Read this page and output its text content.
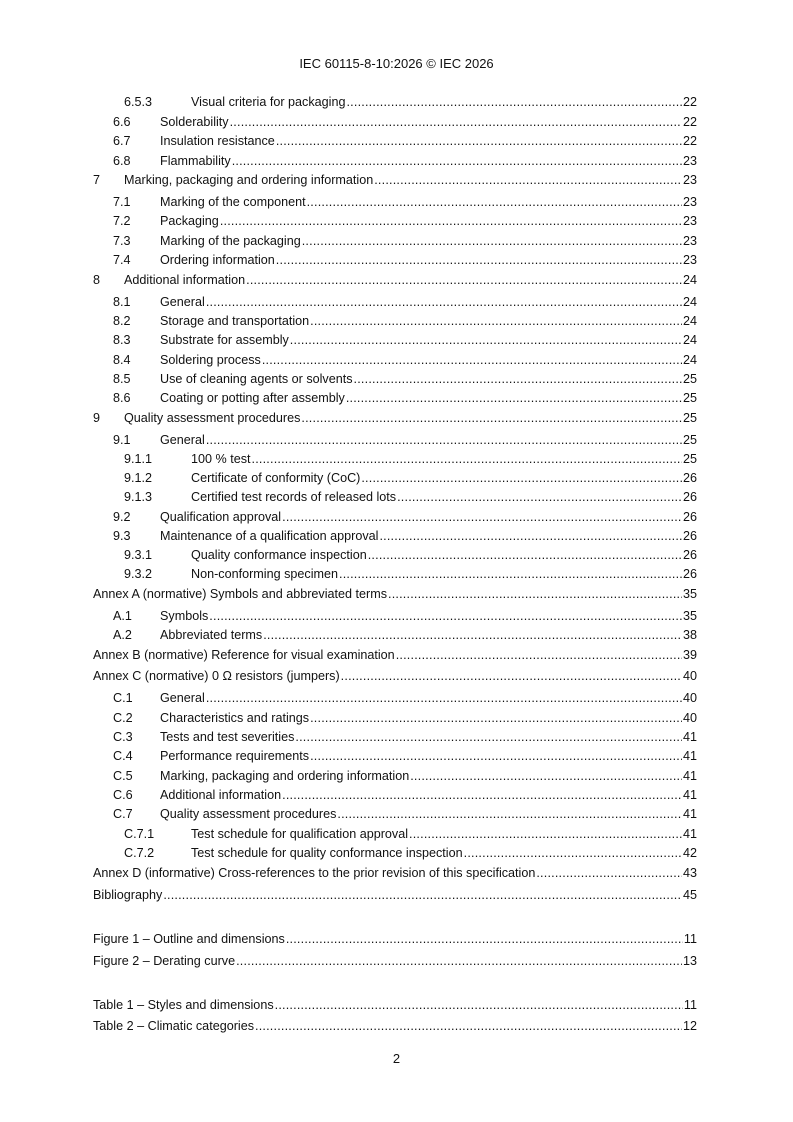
IEC 60115-8-10:2026 © IEC 2026
6.5.3	Visual criteria for packaging .....	22
6.6 Solderability .....	22
6.7 Insulation resistance .....	22
6.8 Flammability .....	23
7 Marking, packaging and ordering information .....	23
7.1 Marking of the component .....	23
7.2 Packaging .....	23
7.3 Marking of the packaging .....	23
7.4 Ordering information .....	23
8 Additional information .....	24
8.1 General .....	24
8.2 Storage and transportation .....	24
8.3 Substrate for assembly .....	24
8.4 Soldering process .....	24
8.5 Use of cleaning agents or solvents .....	25
8.6 Coating or potting after assembly .....	25
9 Quality assessment procedures .....	25
9.1 General .....	25
9.1.1	100 % test .....	25
9.1.2	Certificate of conformity (CoC) .....	26
9.1.3	Certified test records of released lots .....	26
9.2 Qualification approval .....	26
9.3 Maintenance of a qualification approval .....	26
9.3.1	Quality conformance inspection .....	26
9.3.2	Non-conforming specimen .....	26
Annex A (normative) Symbols and abbreviated terms .....	35
A.1 Symbols .....	35
A.2 Abbreviated terms .....	38
Annex B (normative) Reference for visual examination .....	39
Annex C (normative) 0 Ω resistors (jumpers) .....	40
C.1 General .....	40
C.2 Characteristics and ratings .....	40
C.3 Tests and test severities .....	41
C.4 Performance requirements .....	41
C.5 Marking, packaging and ordering information .....	41
C.6 Additional information .....	41
C.7 Quality assessment procedures .....	41
C.7.1	Test schedule for qualification approval .....	41
C.7.2	Test schedule for quality conformance inspection .....	42
Annex D (informative) Cross-references to the prior revision of this specification .....	43
Bibliography .....	45
Figure 1 – Outline and dimensions .....	11
Figure 2 – Derating curve .....	13
Table 1 – Styles and dimensions .....	11
Table 2 – Climatic categories .....	12
2
